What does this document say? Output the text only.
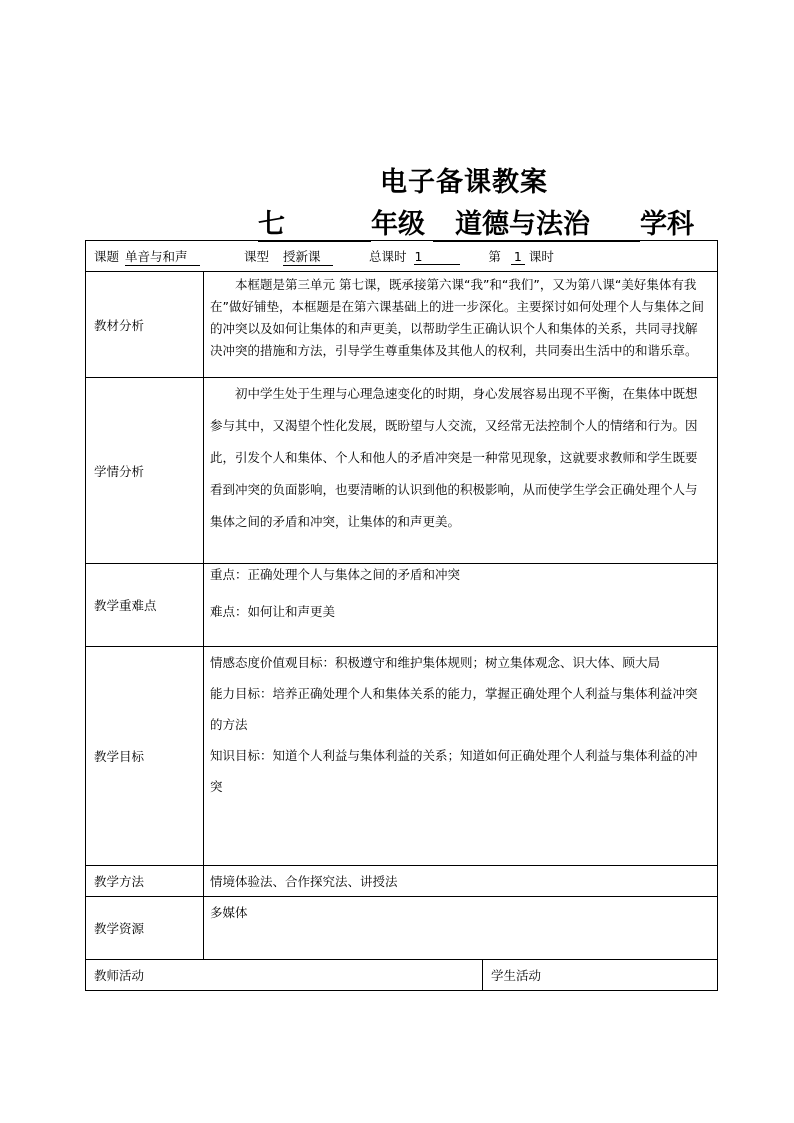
电子备课教案
七	年级 道德与法治 学科
课题 单音与和声 课型 授新课 总课时 1 第 1 课时		
教材分析	本框题是第三单元 第七课，既承接第六课“我”和“我们”，又为第八课“美好集体有我在”做好铺垫，本框题是在第六课基础上的进一步深化。主要探讨如何处理个人与集体之间的冲突以及如何让集体的和声更美，以帮助学生正确认识个人和集体的关系，共同寻找解决冲突的措施和方法，引导学生尊重集体及其他人的权利，共同奏出生活中的和谐乐章。	
学情分析	初中学生处于生理与心理急速变化的时期，身心发展容易出现不平衡，在集体中既想参与其中，又渴望个性化发展，既盼望与人交流，又经常无法控制个人的情绪和行为。因此，引发个人和集体、个人和他人的矛盾冲突是一种常见现象，这就要求教师和学生既要看到冲突的负面影响，也要清晰的认识到他的积极影响，从而使学生学会正确处理个人与集体之间的矛盾和冲突，让集体的和声更美。	
教学重难点	重点：正确处理个人与集体之间的矛盾和冲突

难点：如何让和声更美	

教学目标	情感态度价值观目标：积极遵守和维护集体规则；树立集体观念、识大体、顾大局

能力目标：培养正确处理个人和集体关系的能力，掌握正确处理个人利益与集体利益冲突的方法

知识目标：知道个人利益与集体利益的关系；知道如何正确处理个人利益与集体利益的冲突	

教学方法	情境体验法、合作探究法、讲授法	
教学资源	多媒体	
教师活动		学生活动
